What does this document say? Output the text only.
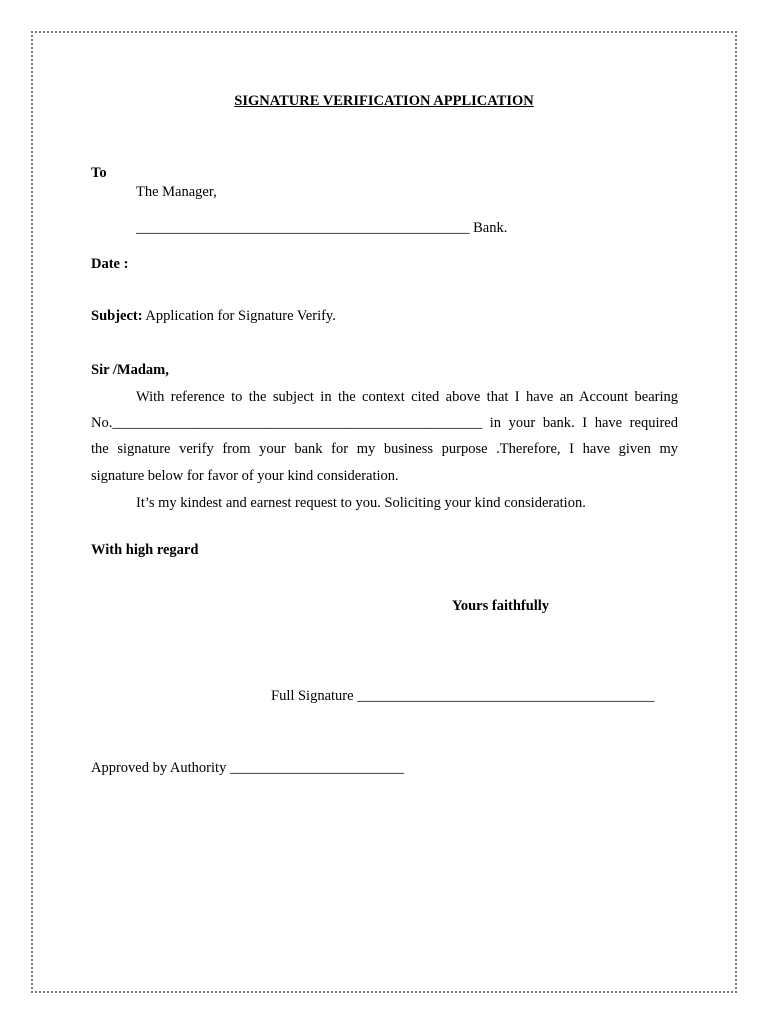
SIGNATURE VERIFICATION APPLICATION
To
The Manager,
______________________________________________ Bank.
Date :
Subject: Application for Signature Verify.
Sir /Madam,
With reference to the subject in the context cited above that I have an Account bearing
No.___________________________________________________ in your bank. I have required
the signature verify from your bank for my business purpose .Therefore, I have given my
signature below for favor of your kind consideration.
It’s my kindest and earnest request to you. Soliciting your kind consideration.
With high regard
Yours faithfully
Full Signature _________________________________________
Approved by Authority ________________________
